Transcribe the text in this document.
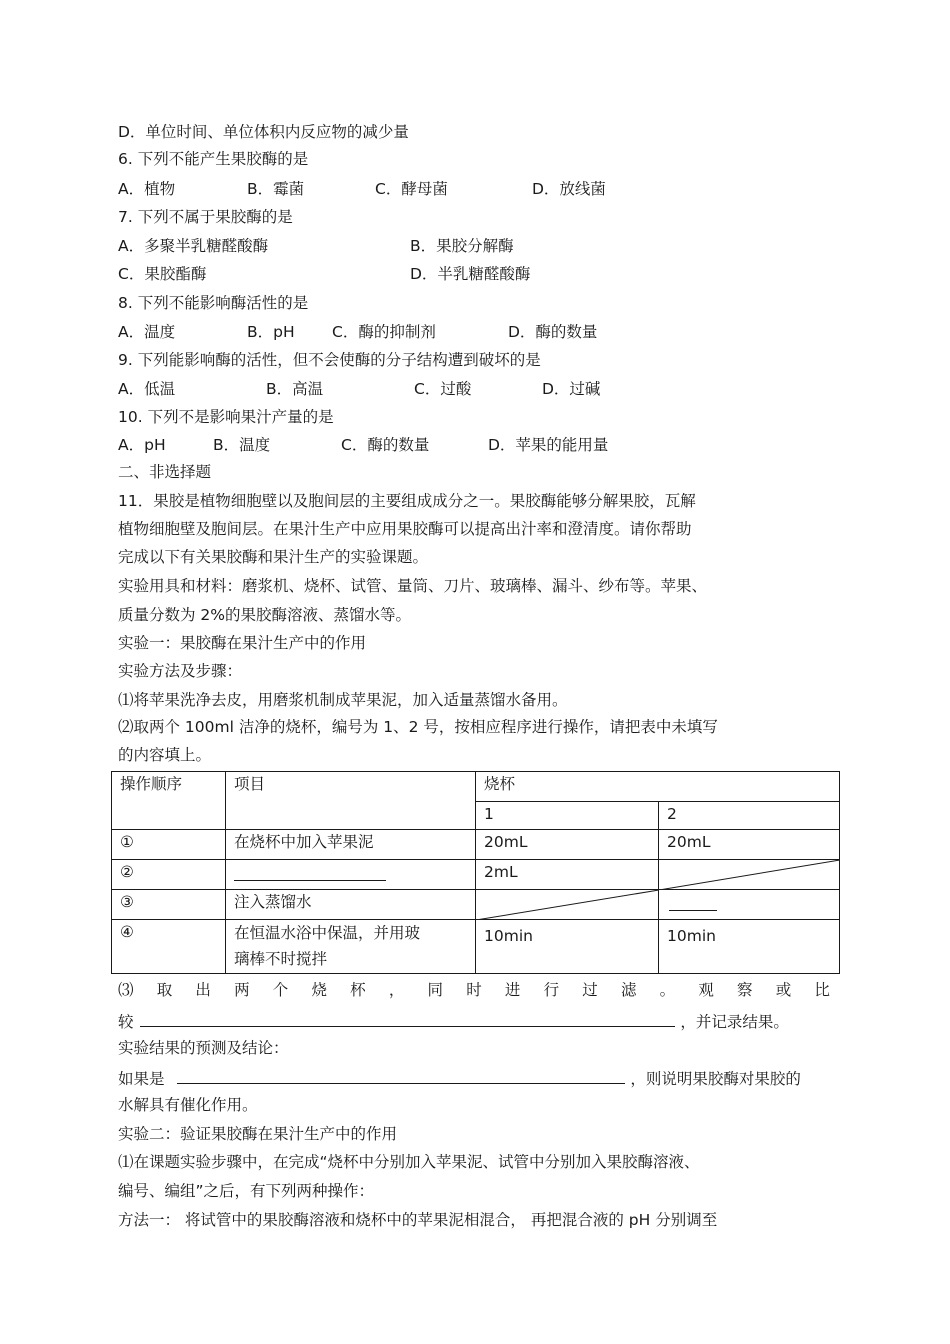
D．单位时间、单位体积内反应物的减少量
6. 下列不能产生果胶酶的是
A．植物	B．霉菌	C．酵母菌	D．放线菌
7. 下列不属于果胶酶的是
A．多聚半乳糖醛酸酶	B．果胶分解酶
C．果胶酯酶	D．半乳糖醛酸酶
8. 下列不能影响酶活性的是
A．温度	B．pH C．酶的抑制剂	D．酶的数量
9. 下列能影响酶的活性，但不会使酶的分子结构遭到破坏的是
A．低温	B．高温	C．过酸	D．过碱
10. 下列不是影响果汁产量的是
A．pH	B．温度	C．酶的数量	D．苹果的能用量
二、非选择题
11．果胶是植物细胞壁以及胞间层的主要组成成分之一。果胶酶能够分解果胶，瓦解
植物细胞壁及胞间层。在果汁生产中应用果胶酶可以提高出汁率和澄清度。请你帮助
完成以下有关果胶酶和果汁生产的实验课题。
实验用具和材料：磨浆机、烧杯、试管、量筒、刀片、玻璃棒、漏斗、纱布等。苹果、
质量分数为 2%的果胶酶溶液、蒸馏水等。
实验一：果胶酶在果汁生产中的作用
实验方法及步骤：
⑴将苹果洗净去皮，用磨浆机制成苹果泥，加入适量蒸馏水备用。
⑵取两个 100ml 洁净的烧杯，编号为 1、2 号，按相应程序进行操作，请把表中未填写
的内容填上。
操作顺序	项目	烧杯	
		1	2
①	在烧杯中加入苹果泥	20mL	20mL
②		2mL	

③	注入蒸馏水	

④	在恒温水浴中保温，并用玻
璃棒不时搅拌	10min	10min
⑶ 取 出 两 个 烧 杯 ， 同 时 进 行 过 滤 。 观 察 或 比
较	，并记录结果。
实验结果的预测及结论：
如果是	，则说明果胶酶对果胶的
水解具有催化作用。
实验二：验证果胶酶在果汁生产中的作用
⑴在课题实验步骤中，在完成“烧杯中分别加入苹果泥、试管中分别加入果胶酶溶液、
编号、编组”之后，有下列两种操作：
方法一： 将试管中的果胶酶溶液和烧杯中的苹果泥相混合， 再把混合液的 pH 分别调至
